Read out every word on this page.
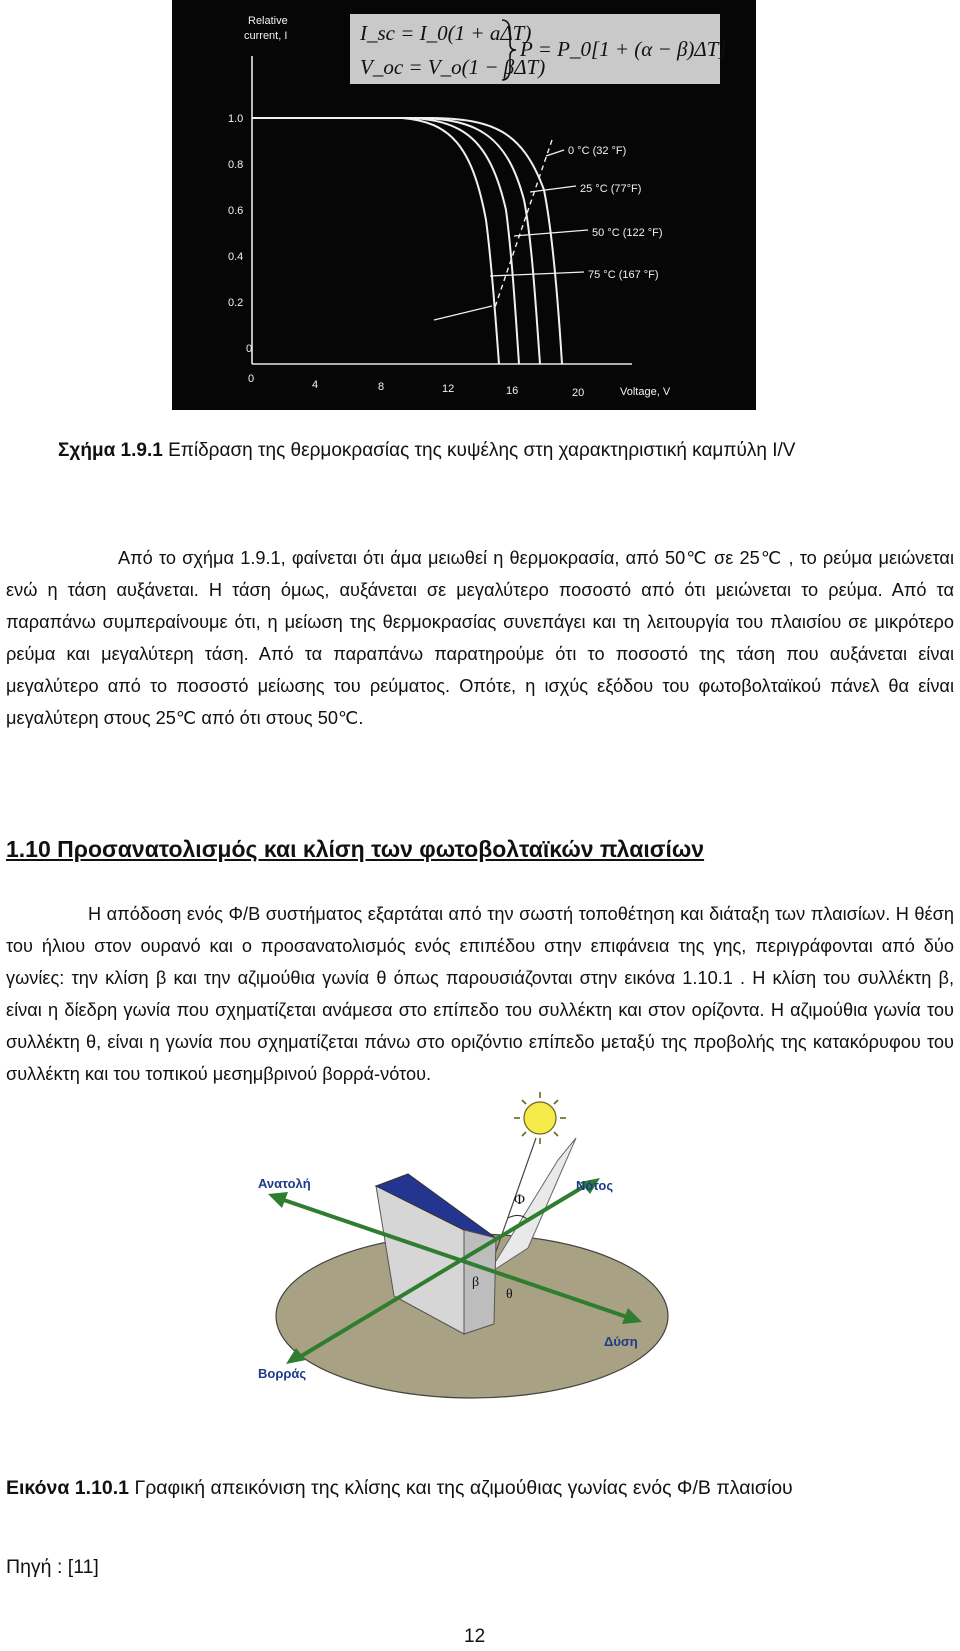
I_sc = I_0(1 + aΔT)
V_oc = V_o(1 − βΔT)
P = P_0[1 + (α − β)ΔT]
Relative
current, I
Voltage, V
1.0
0.8
0.6
0.4
0.2
0
0	4	8	12	16	20
0 °C (32 °F)
25 °C (77°F)
50 °C (122 °F)
75 °C (167 °F)
Σχήμα 1.9.1 Επίδραση της θερμοκρασίας της κυψέλης στη χαρακτηριστική καμπύλη I/V
Από το σχήμα 1.9.1, φαίνεται ότι άμα μειωθεί η θερμοκρασία, από 50℃ σε 25℃ , το ρεύμα μειώνεται ενώ η τάση αυξάνεται. Η τάση όμως, αυξάνεται σε μεγαλύτερο ποσοστό από ότι μειώνεται το ρεύμα. Από τα παραπάνω συμπεραίνουμε ότι, η μείωση της θερμοκρασίας συνεπάγει και τη λειτουργία του πλαισίου σε μικρότερο ρεύμα και μεγαλύτερη τάση. Από τα παραπάνω παρατηρούμε ότι το ποσοστό της τάση που αυξάνεται είναι μεγαλύτερο από το ποσοστό μείωσης του ρεύματος. Οπότε, η ισχύς εξόδου του φωτοβολταϊκού πάνελ θα είναι μεγαλύτερη στους 25℃ από ότι στους 50℃.
1.10 Προσανατολισμός και κλίση των φωτοβολταϊκών πλαισίων
Η απόδοση ενός Φ/Β συστήματος εξαρτάται από την σωστή τοποθέτηση και διάταξη των πλαισίων. Η θέση του ήλιου στον ουρανό και ο προσανατολισμός ενός επιπέδου στην επιφάνεια της γης, περιγράφονται από δύο γωνίες: την κλίση β και την αζιμούθια γωνία θ όπως παρουσιάζονται στην εικόνα 1.10.1 . Η κλίση του συλλέκτη β, είναι η δίεδρη γωνία που σχηματίζεται ανάμεσα στο επίπεδο του συλλέκτη και στον ορίζοντα. Η αζιμούθια γωνία του συλλέκτη θ, είναι η γωνία που σχηματίζεται πάνω στο οριζόντιο επίπεδο μεταξύ της προβολής της κατακόρυφου του συλλέκτη και του τοπικού μεσημβρινού βορρά-νότου.
Φ
β
θ
Ανατολή	Νότος
Δύση
Βορράς
Εικόνα 1.10.1 Γραφική απεικόνιση της κλίσης και της αζιμούθιας γωνίας ενός Φ/Β πλαισίου
Πηγή : [11]
12
